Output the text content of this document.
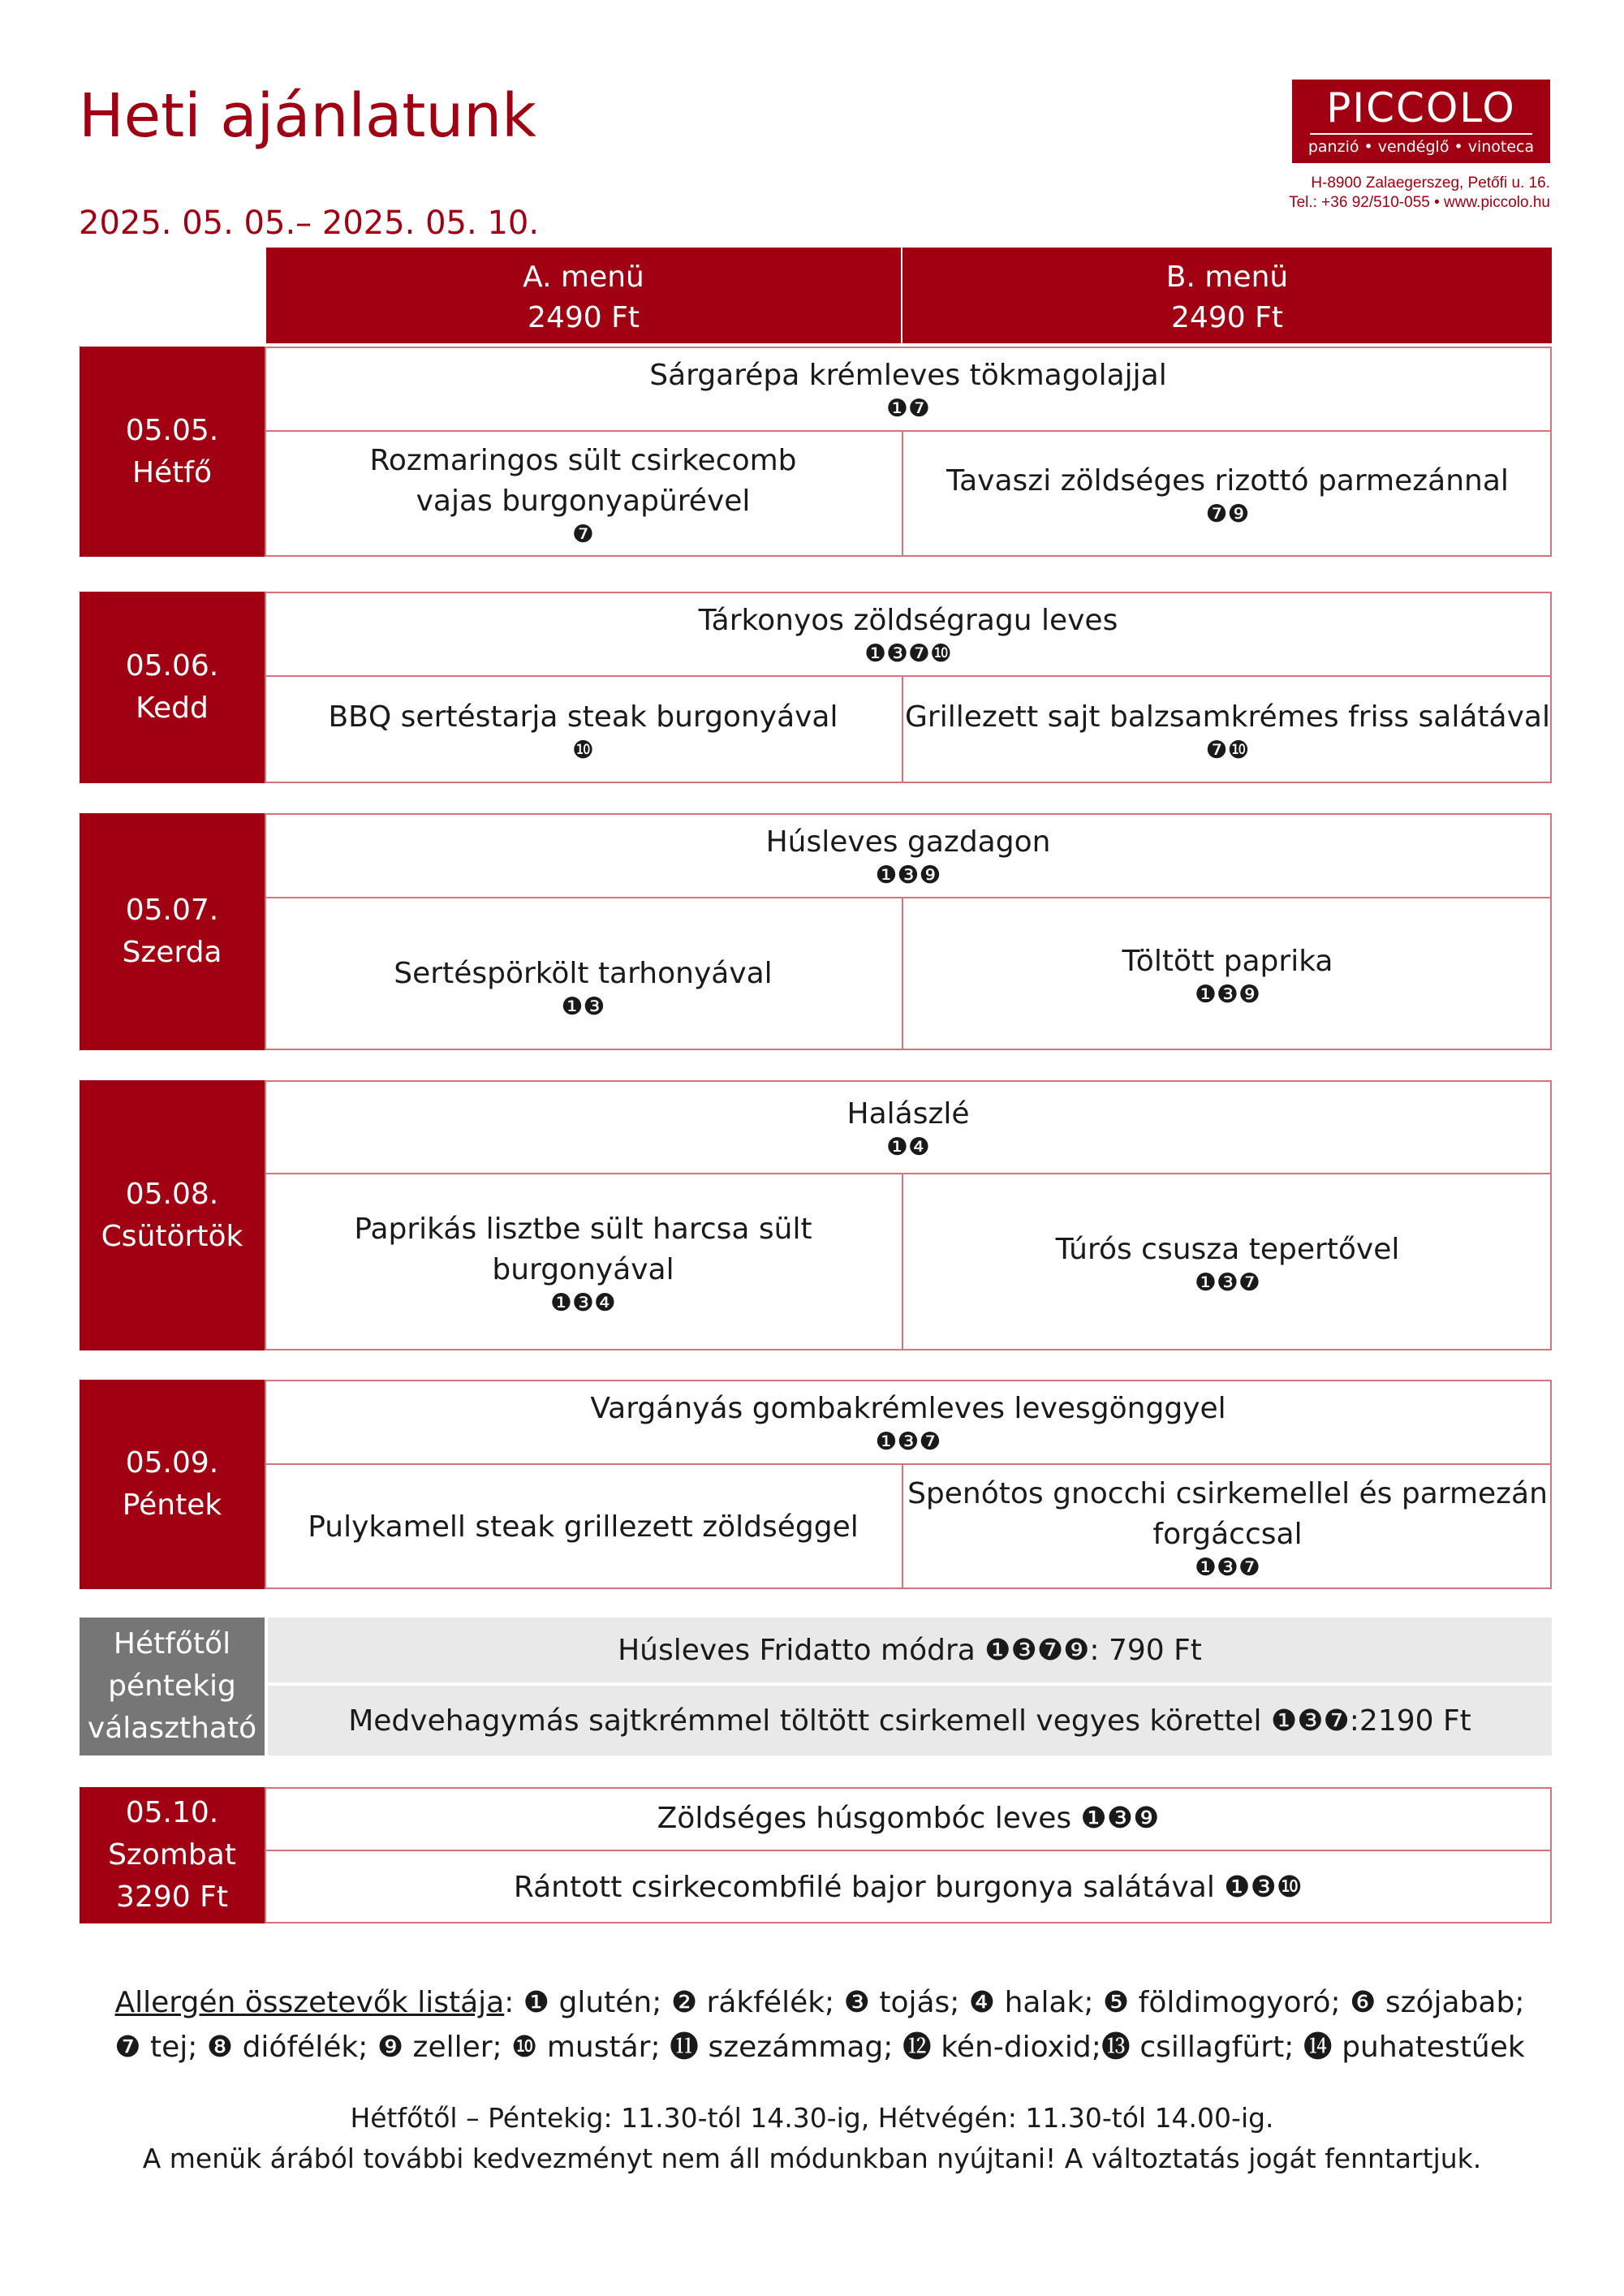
Heti ajánlatunk
2025. 05. 05.– 2025. 05. 10.
PICCOLO
panzió • vendéglő • vinoteca
H-8900 Zalaegerszeg, Petőfi u. 16.
Tel.: +36 92/510-055 • www.piccolo.hu
A. menü
2490 Ft
B. menü
2490 Ft
05.05.
Hétfő
Sárgarépa krémleves tökmagolajjal
❶❼
Rozmaringos sült csirkecomb
vajas burgonyapürével
❼
Tavaszi zöldséges rizottó parmezánnal
❼❾
05.06.
Kedd
Tárkonyos zöldségragu leves
❶❸❼❿
BBQ sertéstarja steak burgonyával
❿
Grillezett sajt balzsamkrémes friss salátával
❼❿
05.07.
Szerda
Húsleves gazdagon
❶❸❾
Sertéspörkölt tarhonyával
❶❸
Töltött paprika
❶❸❾
05.08.
Csütörtök
Halászlé
❶❹
Paprikás lisztbe sült harcsa sült burgonyával
❶❸❹
Túrós csusza tepertővel
❶❸❼
05.09.
Péntek
Vargányás gombakrémleves levesgönggyel
❶❸❼
Pulykamell steak grillezett zöldséggel
Spenótos gnocchi csirkemellel és parmezán
forgáccsal
❶❸❼
Hétfőtől
péntekig
választható
Húsleves Fridatto módra ❶❸❼❾: 790 Ft
Medvehagymás sajtkrémmel töltött csirkemell vegyes körettel ❶❸❼:2190 Ft
05.10.
Szombat
3290 Ft
Zöldséges húsgombóc leves ❶❸❾
Rántott csirkecombfilé bajor burgonya salátával ❶❸❿
Allergén összetevők listája: ❶ glutén; ❷ rákfélék; ❸ tojás; ❹ halak; ❺ földimogyoró; ❻ szójabab;
❼ tej; ❽ diófélék; ❾ zeller; ❿ mustár; ⓫ szezámmag; ⓬ kén-dioxid;⓭ csillagfürt; ⓮ puhatestűek
Hétfőtől – Péntekig: 11.30-tól 14.30-ig, Hétvégén: 11.30-tól 14.00-ig.
A menük árából további kedvezményt nem áll módunkban nyújtani! A változtatás jogát fenntartjuk.
